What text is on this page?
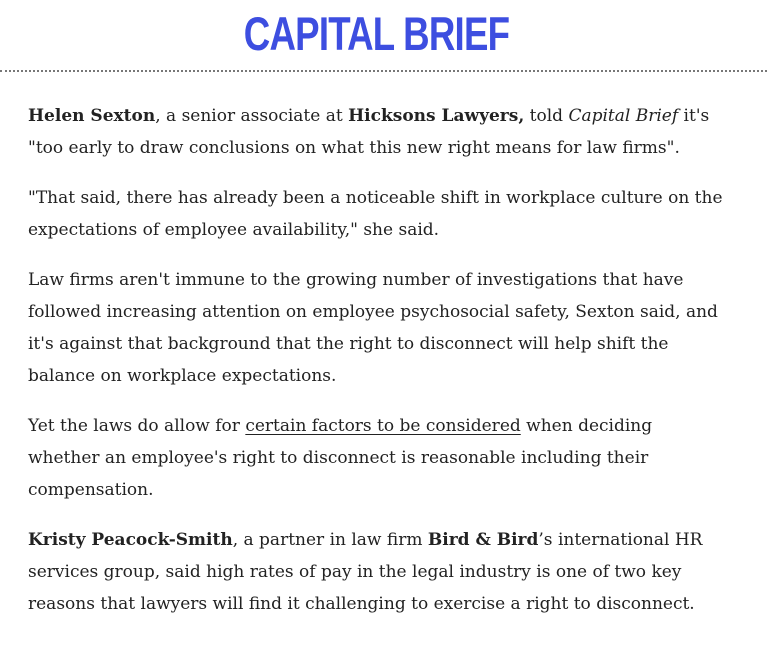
CAPITAL BRIEF

Helen Sexton, a senior associate at Hicksons Lawyers, told Capital Brief it's "too early to draw conclusions on what this new right means for law firms".

"That said, there has already been a noticeable shift in workplace culture on the expectations of employee availability," she said.

Law firms aren't immune to the growing number of investigations that have followed increasing attention on employee psychosocial safety, Sexton said, and it's against that background that the right to disconnect will help shift the balance on workplace expectations.

Yet the laws do allow for certain factors to be considered when deciding whether an employee's right to disconnect is reasonable including their compensation.

Kristy Peacock-Smith, a partner in law firm Bird & Bird’s international HR services group, said high rates of pay in the legal industry is one of two key reasons that lawyers will find it challenging to exercise a right to disconnect.
